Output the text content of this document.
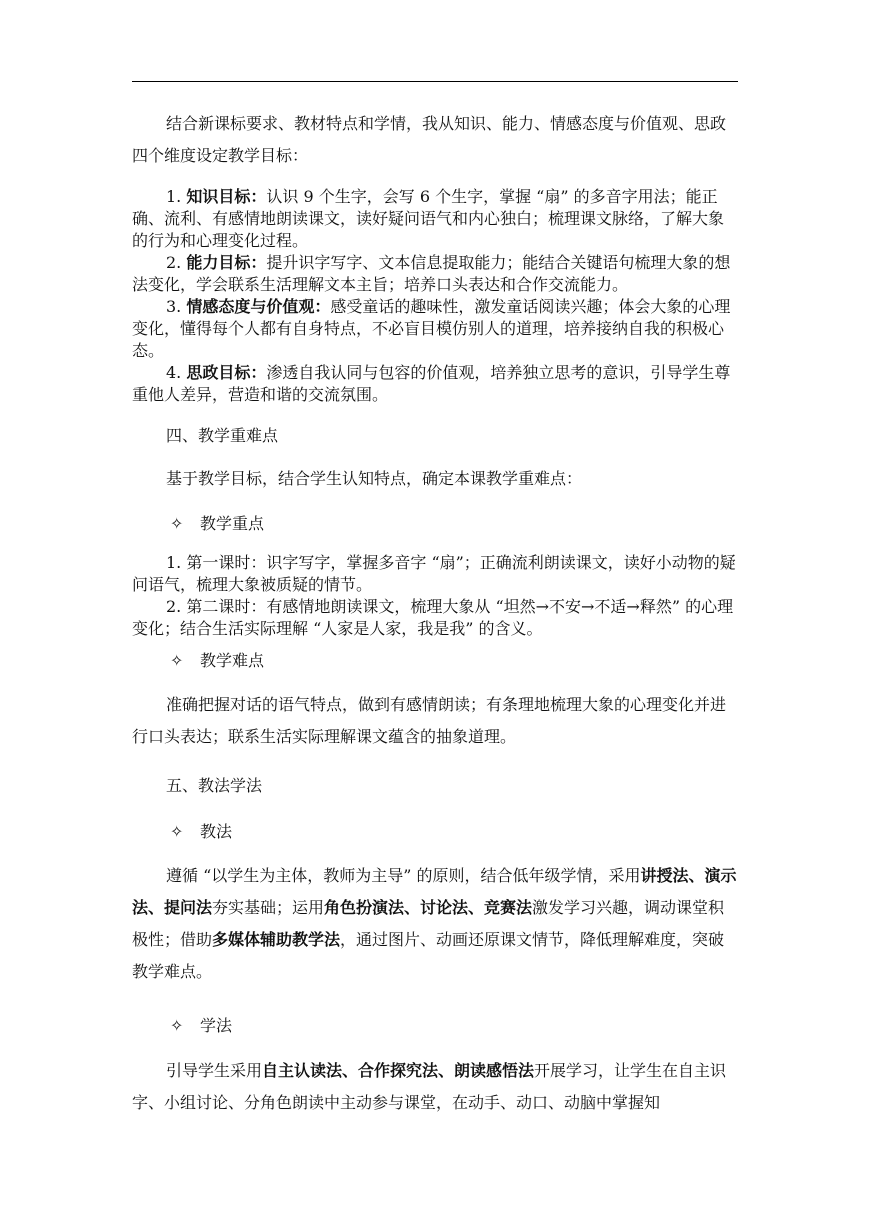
结合新课标要求、教材特点和学情，我从知识、能力、情感态度与价值观、思政四个维度设定教学目标：

1. 知识目标：认识 9 个生字，会写 6 个生字，掌握 “扇” 的多音字用法；能正确、流利、有感情地朗读课文，读好疑问语气和内心独白；梳理课文脉络，了解大象的行为和心理变化过程。
2. 能力目标：提升识字写字、文本信息提取能力；能结合关键语句梳理大象的想法变化，学会联系生活理解文本主旨；培养口头表达和合作交流能力。
3. 情感态度与价值观：感受童话的趣味性，激发童话阅读兴趣；体会大象的心理变化，懂得每个人都有自身特点，不必盲目模仿别人的道理，培养接纳自我的积极心态。
4. 思政目标：渗透自我认同与包容的价值观，培养独立思考的意识，引导学生尊重他人差异，营造和谐的交流氛围。
四、教学重难点
基于教学目标，结合学生认知特点，确定本课教学重难点：
✧ 教学重点
1. 第一课时：识字写字，掌握多音字 “扇”；正确流利朗读课文，读好小动物的疑问语气，梳理大象被质疑的情节。
2. 第二课时：有感情地朗读课文，梳理大象从 “坦然→不安→不适→释然” 的心理变化；结合生活实际理解 “人家是人家，我是我” 的含义。
✧ 教学难点

准确把握对话的语气特点，做到有感情朗读；有条理地梳理大象的心理变化并进行口头表达；联系生活实际理解课文蕴含的抽象道理。

五、教法学法
✧ 教法

遵循 “以学生为主体，教师为主导” 的原则，结合低年级学情，采用讲授法、演示法、提问法夯实基础；运用角色扮演法、讨论法、竞赛法激发学习兴趣，调动课堂积极性；借助多媒体辅助教学法，通过图片、动画还原课文情节，降低理解难度，突破教学难点。

✧ 学法

引导学生采用自主认读法、合作探究法、朗读感悟法开展学习，让学生在自主识字、小组讨论、分角色朗读中主动参与课堂，在动手、动口、动脑中掌握知
